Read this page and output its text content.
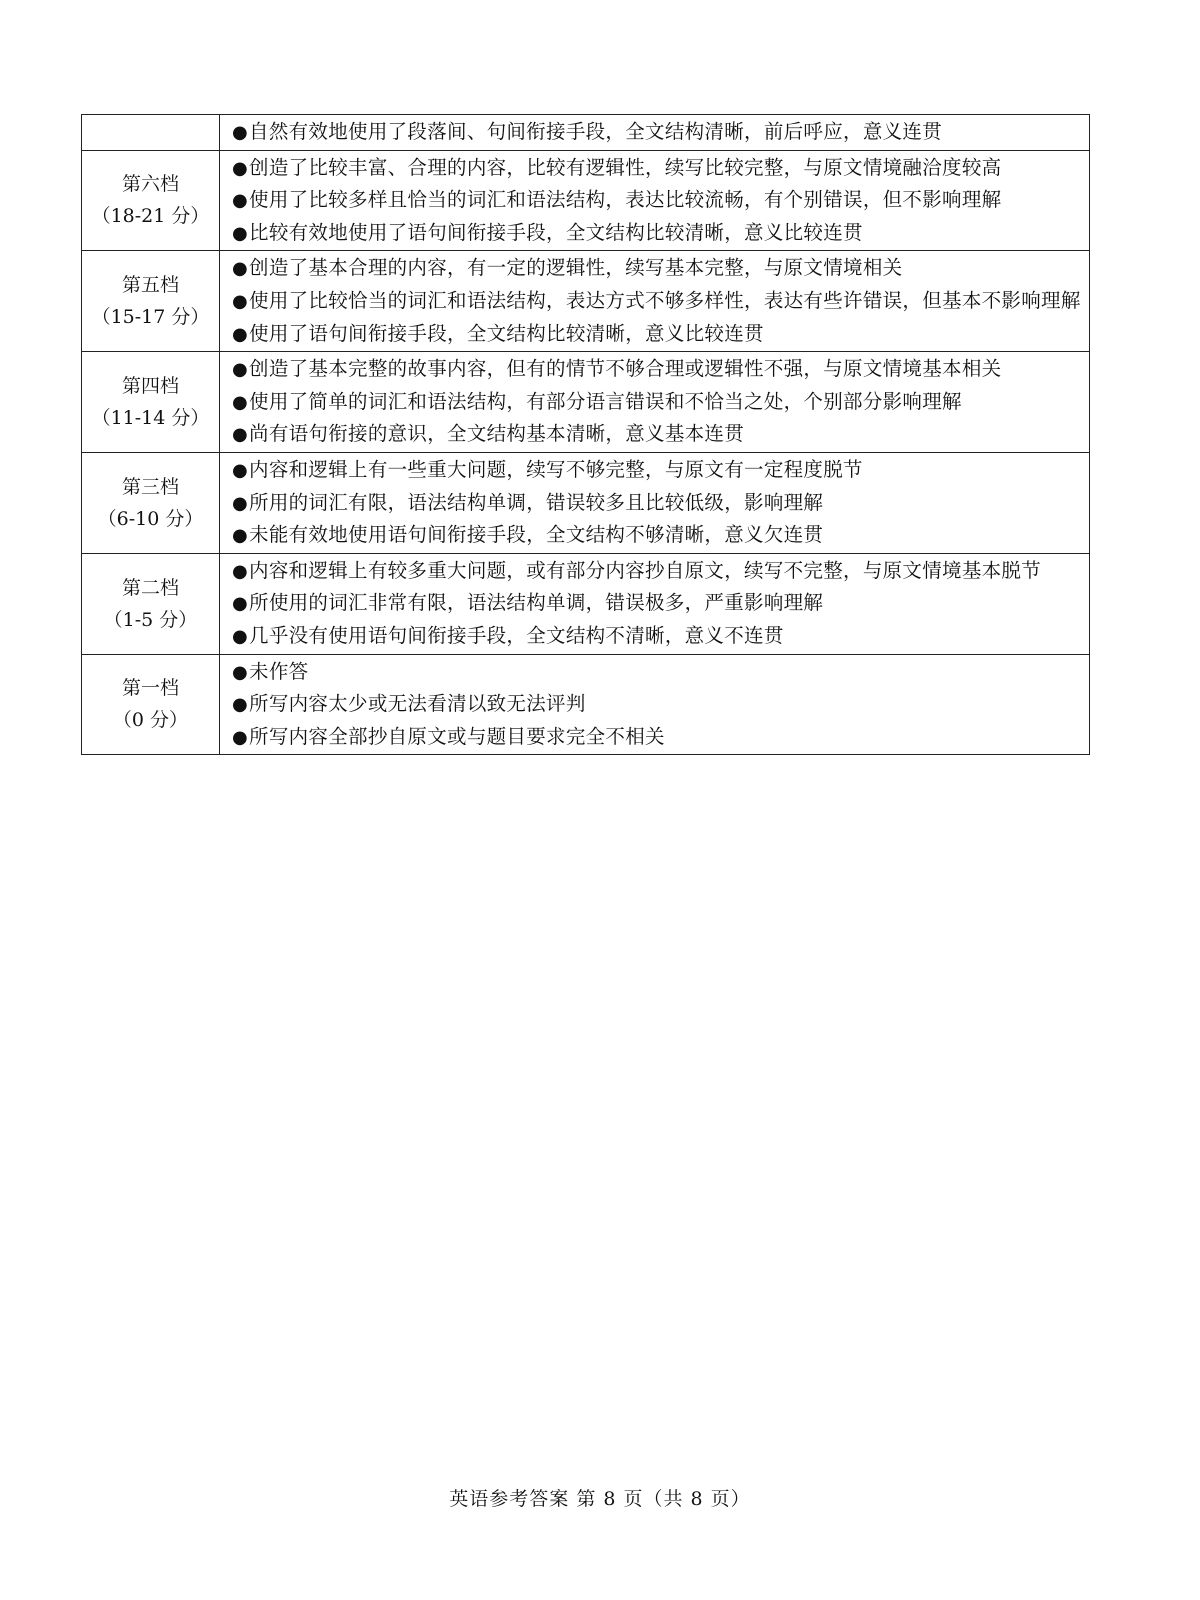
	●自然有效地使用了段落间、句间衔接手段，全文结构清晰，前后呼应，意义连贯

第六档
（18-21 分）	●创造了比较丰富、合理的内容，比较有逻辑性，续写比较完整，与原文情境融洽度较高
●使用了比较多样且恰当的词汇和语法结构，表达比较流畅，有个别错误，但不影响理解
●比较有效地使用了语句间衔接手段，全文结构比较清晰，意义比较连贯

第五档
（15-17 分）	●创造了基本合理的内容，有一定的逻辑性，续写基本完整，与原文情境相关
●使用了比较恰当的词汇和语法结构，表达方式不够多样性，表达有些许错误，但基本不影响理解
●使用了语句间衔接手段，全文结构比较清晰，意义比较连贯

第四档
（11-14 分）	●创造了基本完整的故事内容，但有的情节不够合理或逻辑性不强，与原文情境基本相关
●使用了简单的词汇和语法结构，有部分语言错误和不恰当之处，个别部分影响理解
●尚有语句衔接的意识，全文结构基本清晰，意义基本连贯

第三档
（6-10 分）	●内容和逻辑上有一些重大问题，续写不够完整，与原文有一定程度脱节
●所用的词汇有限，语法结构单调，错误较多且比较低级，影响理解
●未能有效地使用语句间衔接手段，全文结构不够清晰，意义欠连贯

第二档
（1-5 分）	●内容和逻辑上有较多重大问题，或有部分内容抄自原文，续写不完整，与原文情境基本脱节
●所使用的词汇非常有限，语法结构单调，错误极多，严重影响理解
●几乎没有使用语句间衔接手段，全文结构不清晰，意义不连贯

第一档
（0 分）	●未作答
●所写内容太少或无法看清以致无法评判
●所写内容全部抄自原文或与题目要求完全不相关
英语参考答案 第 8 页（共 8 页）
